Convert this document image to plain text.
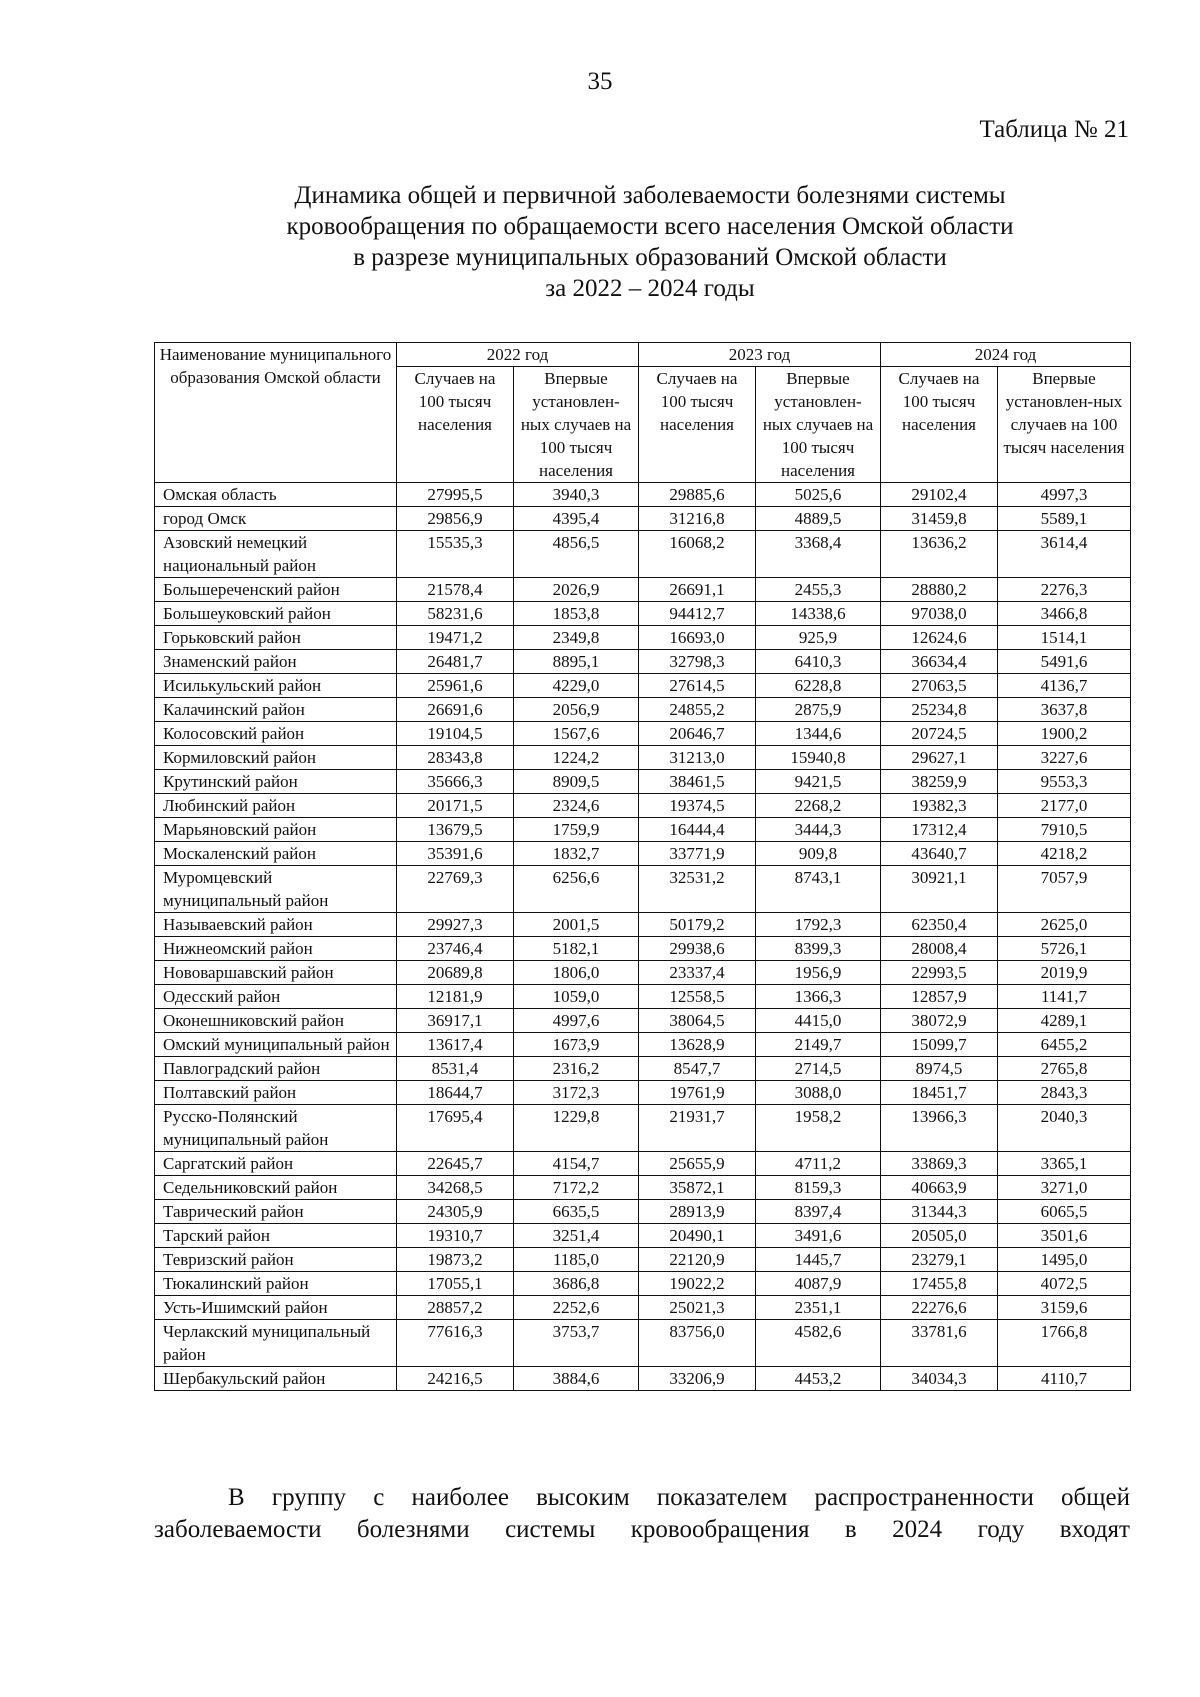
35
Таблица № 21
Динамика общей и первичной заболеваемости болезнями системы
кровообращения по обращаемости всего населения Омской области
в разрезе муниципальных образований Омской области
за 2022 – 2024 годы
Наименование муниципального образования Омской области	2022 год		2023 год		2024 год	
	Случаев на 100 тысяч населения	Впервые установлен-ных случаев на 100 тысяч населения	Случаев на 100 тысяч населения	Впервые установлен-ных случаев на 100 тысяч населения	Случаев на 100 тысяч населения	Впервые установлен-ных случаев на 100 тысяч населения
Омская область	27995,5	3940,3	29885,6	5025,6	29102,4	4997,3
город Омск	29856,9	4395,4	31216,8	4889,5	31459,8	5589,1
Азовский немецкий национальный район	15535,3	4856,5	16068,2	3368,4	13636,2	3614,4
Большереченский район	21578,4	2026,9	26691,1	2455,3	28880,2	2276,3
Большеуковский район	58231,6	1853,8	94412,7	14338,6	97038,0	3466,8
Горьковский район	19471,2	2349,8	16693,0	925,9	12624,6	1514,1
Знаменский район	26481,7	8895,1	32798,3	6410,3	36634,4	5491,6
Исилькульский район	25961,6	4229,0	27614,5	6228,8	27063,5	4136,7
Калачинский район	26691,6	2056,9	24855,2	2875,9	25234,8	3637,8
Колосовский район	19104,5	1567,6	20646,7	1344,6	20724,5	1900,2
Кормиловский район	28343,8	1224,2	31213,0	15940,8	29627,1	3227,6
Крутинский район	35666,3	8909,5	38461,5	9421,5	38259,9	9553,3
Любинский район	20171,5	2324,6	19374,5	2268,2	19382,3	2177,0
Марьяновский район	13679,5	1759,9	16444,4	3444,3	17312,4	7910,5
Москаленский район	35391,6	1832,7	33771,9	909,8	43640,7	4218,2
Муромцевский муниципальный район	22769,3	6256,6	32531,2	8743,1	30921,1	7057,9
Называевский район	29927,3	2001,5	50179,2	1792,3	62350,4	2625,0
Нижнеомский район	23746,4	5182,1	29938,6	8399,3	28008,4	5726,1
Нововаршавский район	20689,8	1806,0	23337,4	1956,9	22993,5	2019,9
Одесский район	12181,9	1059,0	12558,5	1366,3	12857,9	1141,7
Оконешниковский район	36917,1	4997,6	38064,5	4415,0	38072,9	4289,1
Омский муниципальный район	13617,4	1673,9	13628,9	2149,7	15099,7	6455,2
Павлоградский район	8531,4	2316,2	8547,7	2714,5	8974,5	2765,8
Полтавский район	18644,7	3172,3	19761,9	3088,0	18451,7	2843,3
Русско-Полянский муниципальный район	17695,4	1229,8	21931,7	1958,2	13966,3	2040,3
Саргатский район	22645,7	4154,7	25655,9	4711,2	33869,3	3365,1
Седельниковский район	34268,5	7172,2	35872,1	8159,3	40663,9	3271,0
Таврический район	24305,9	6635,5	28913,9	8397,4	31344,3	6065,5
Тарский район	19310,7	3251,4	20490,1	3491,6	20505,0	3501,6
Тевризский район	19873,2	1185,0	22120,9	1445,7	23279,1	1495,0
Тюкалинский район	17055,1	3686,8	19022,2	4087,9	17455,8	4072,5
Усть-Ишимский район	28857,2	2252,6	25021,3	2351,1	22276,6	3159,6
Черлакский муниципальный район	77616,3	3753,7	83756,0	4582,6	33781,6	1766,8
Шербакульский район	24216,5	3884,6	33206,9	4453,2	34034,3	4110,7
В группу с наиболее высоким показателем распространенности общей
заболеваемости болезнями системы кровообращения в 2024 году входят
